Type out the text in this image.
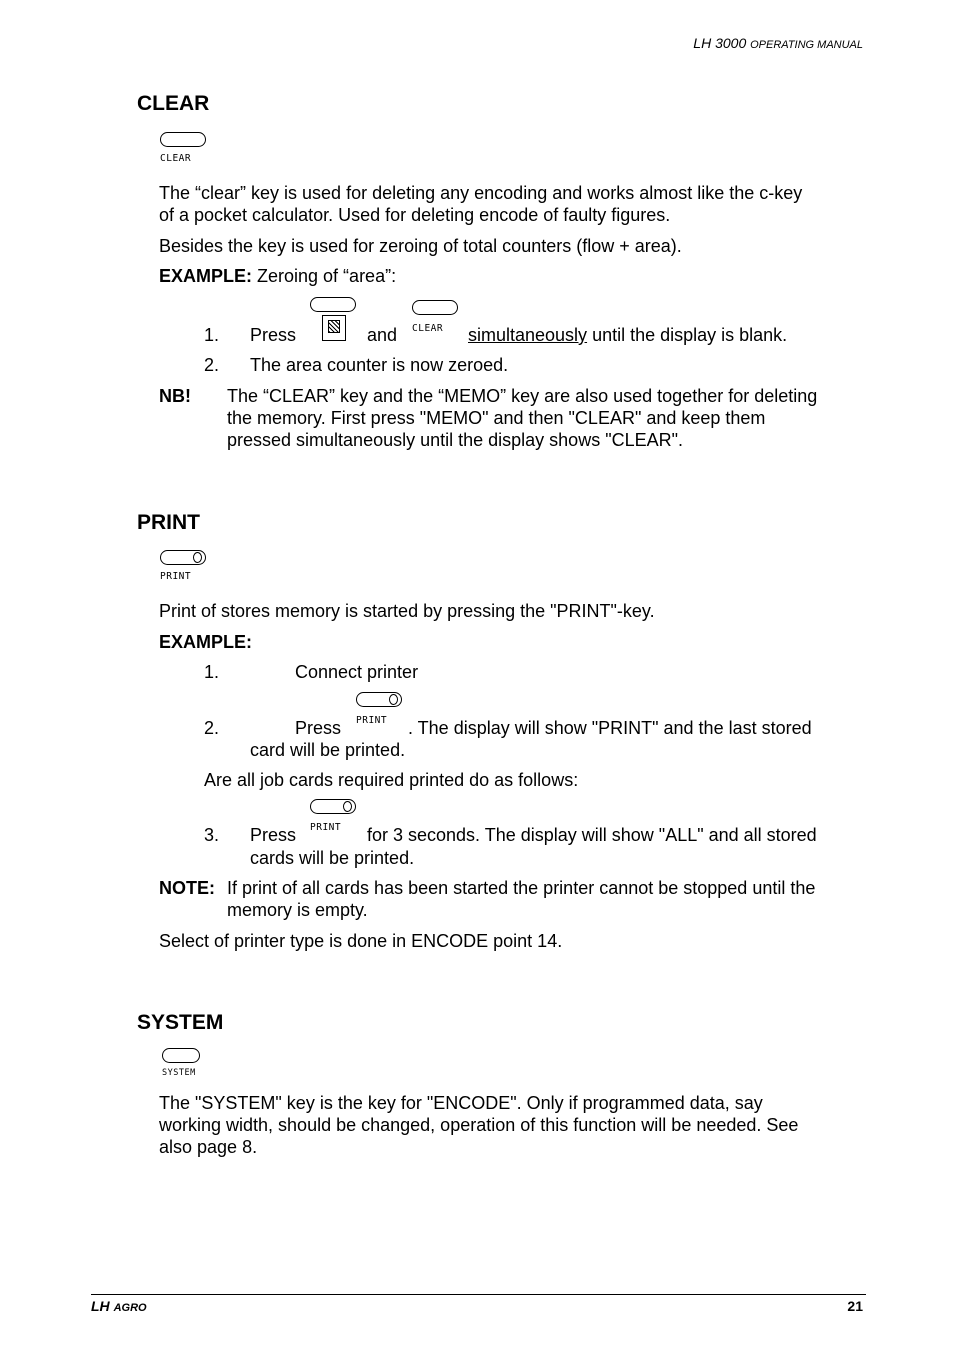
LH 3000 OPERATING MANUAL
CLEAR
CLEAR
The “clear” key is used for deleting any encoding and works almost like the c-key
of a pocket calculator. Used for deleting encode of faulty figures.
Besides the key is used for zeroing of total counters (flow + area).
EXAMPLE: Zeroing of “area”:
1. Press	and CLEAR	simultaneously until the display is blank.
2. The area counter is now zeroed.
NB! The “CLEAR” key and the “MEMO” key are also used together for deleting
the memory. First press "MEMO" and then "CLEAR" and keep them
pressed simultaneously until the display shows "CLEAR".
PRINT
PRINT
Print of stores memory is started by pressing the "PRINT"-key.
EXAMPLE:
1.	Connect printer
2.	Press PRINT	. The display will show "PRINT" and the last stored
card will be printed.
Are all job cards required printed do as follows:
3. Press PRINT	for 3 seconds. The display will show "ALL" and all stored
cards will be printed.
NOTE: If print of all cards has been started the printer cannot be stopped until the
memory is empty.
Select of printer type is done in ENCODE point 14.
SYSTEM
SYSTEM
The "SYSTEM" key is the key for "ENCODE". Only if programmed data, say
working width, should be changed, operation of this function will be needed. See
also page 8.
LH AGRO	21
